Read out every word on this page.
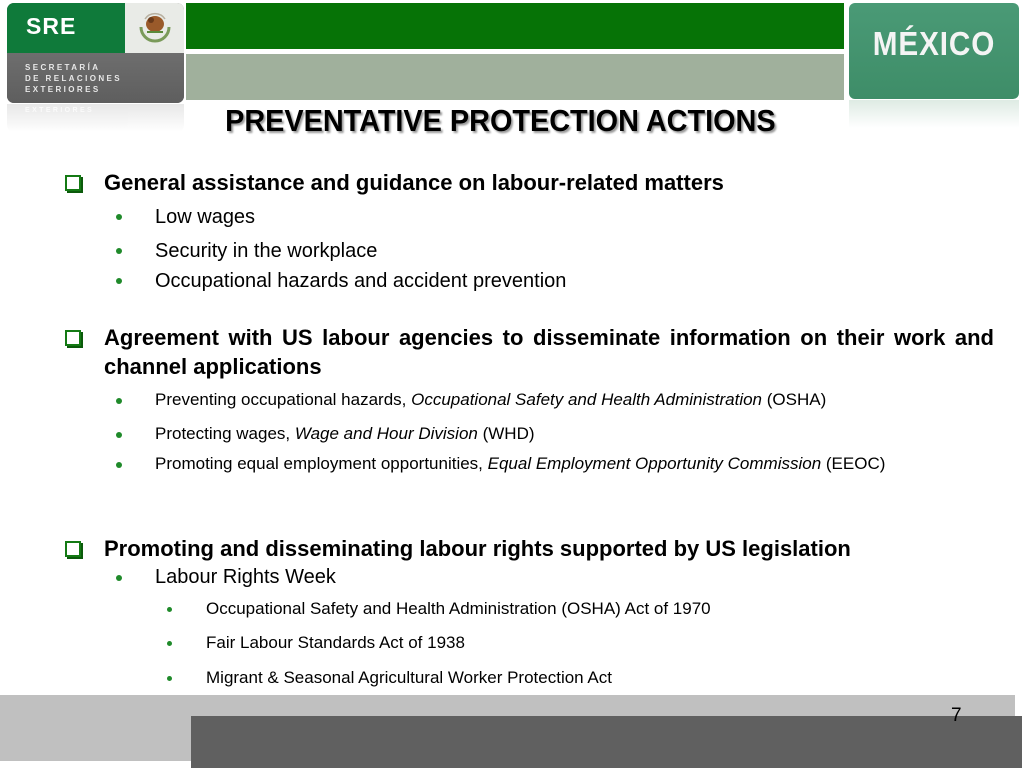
SRE
SECRETARÍA
DE RELACIONES
EXTERIORES
EXTERIORES
MÉXICO
PREVENTATIVE PROTECTION ACTIONS
General assistance and guidance on labour-related matters
Low wages
Security in the workplace
Occupational hazards and accident prevention
Agreement with US labour agencies to disseminate information on their work and channel applications
Preventing occupational hazards, Occupational Safety and Health Administration (OSHA)
Protecting wages, Wage and Hour Division (WHD)
Promoting equal employment opportunities, Equal Employment Opportunity Commission (EEOC)
Promoting and disseminating labour rights supported by US legislation
Labour Rights Week
Occupational Safety and Health Administration (OSHA) Act of 1970
Fair Labour Standards Act of 1938
Migrant & Seasonal Agricultural Worker Protection Act
7
